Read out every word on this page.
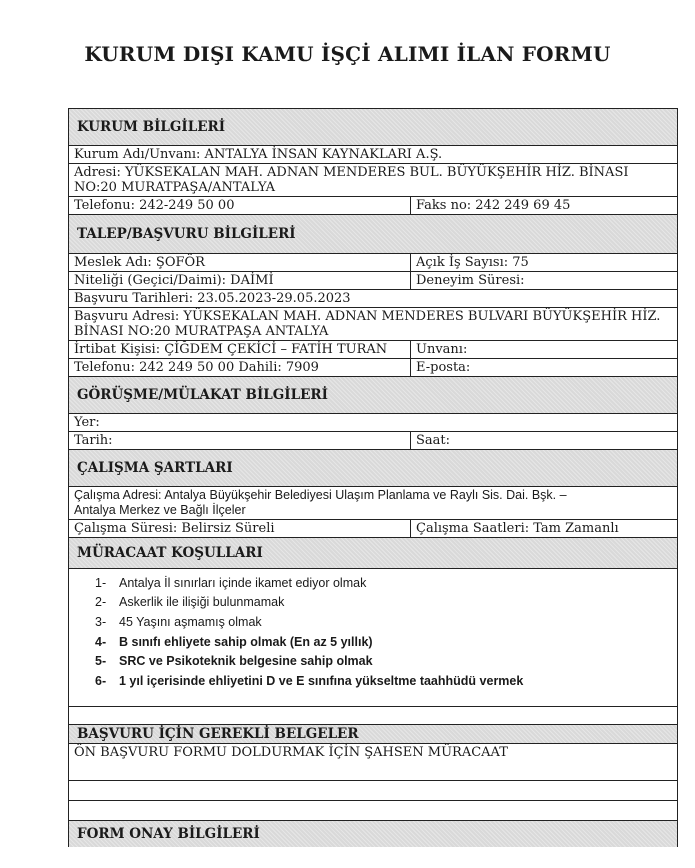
KURUM DIŞI KAMU İŞÇİ ALIMI İLAN FORMU
KURUM BİLGİLERİ
Kurum Adı/Unvanı: ANTALYA İNSAN KAYNAKLARI A.Ş.
Adresi: YÜKSEKALAN MAH. ADNAN MENDERES BUL. BÜYÜKŞEHİR HİZ. BİNASI
NO:20 MURATPAŞA/ANTALYA
Telefonu: 242-249 50 00	Faks no: 242 249 69 45
TALEP/BAŞVURU BİLGİLERİ
Meslek Adı: ŞOFÖR	Açık İş Sayısı: 75
Niteliği (Geçici/Daimi): DAİMİ	Deneyim Süresi:
Başvuru Tarihleri: 23.05.2023-29.05.2023
Başvuru Adresi: YÜKSEKALAN MAH. ADNAN MENDERES BULVARI BÜYÜKŞEHİR HİZ.
BİNASI NO:20 MURATPAŞA ANTALYA
İrtibat Kişisi: ÇİĞDEM ÇEKİCİ – FATİH TURAN	Unvanı:
Telefonu: 242 249 50 00 Dahili: 7909	E-posta:
GÖRÜŞME/MÜLAKAT BİLGİLERİ
Yer:
Tarih:	Saat:
ÇALIŞMA ŞARTLARI
Çalışma Adresi: Antalya Büyükşehir Belediyesi Ulaşım Planlama ve Raylı Sis. Dai. Bşk. –
Antalya Merkez ve Bağlı İlçeler
Çalışma Süresi: Belirsiz Süreli	Çalışma Saatleri: Tam Zamanlı
MÜRACAAT KOŞULLARI
1-	Antalya İl sınırları içinde ikamet ediyor olmak
2-	Askerlik ile ilişiği bulunmamak
3-	45 Yaşını aşmamış olmak
4-	B sınıfı ehliyete sahip olmak (En az 5 yıllık)
5-	SRC ve Psikoteknik belgesine sahip olmak
6-	1 yıl içerisinde ehliyetini D ve E sınıfına yükseltme taahhüdü vermek
BAŞVURU İÇİN GEREKLİ BELGELER
ÖN BAŞVURU FORMU DOLDURMAK İÇİN ŞAHSEN MÜRACAAT
FORM ONAY BİLGİLERİ
